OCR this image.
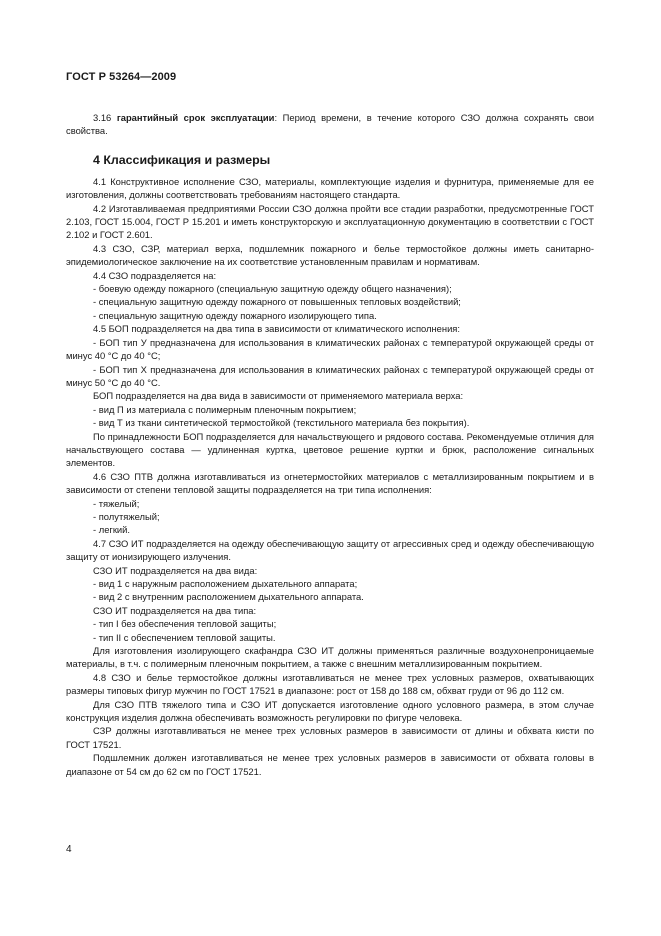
ГОСТ Р 53264—2009

3.16 гарантийный срок эксплуатации: Период времени, в течение которого СЗО должна сохранять свои свойства.

4 Классификация и размеры

4.1 Конструктивное исполнение СЗО, материалы, комплектующие изделия и фурнитура, применяемые для ее изготовления, должны соответствовать требованиям настоящего стандарта.

4.2 Изготавливаемая предприятиями России СЗО должна пройти все стадии разработки, предусмотренные ГОСТ 2.103, ГОСТ 15.004, ГОСТ Р 15.201 и иметь конструкторскую и эксплуатационную документацию в соответствии с ГОСТ 2.102 и ГОСТ 2.601.

4.3 СЗО, СЗР, материал верха, подшлемник пожарного и белье термостойкое должны иметь санитарно-эпидемиологическое заключение на их соответствие установленным правилам и нормативам.

4.4 СЗО подразделяется на:

- боевую одежду пожарного (специальную защитную одежду общего назначения);

- специальную защитную одежду пожарного от повышенных тепловых воздействий;

- специальную защитную одежду пожарного изолирующего типа.

4.5 БОП подразделяется на два типа в зависимости от климатического исполнения:

- БОП тип У предназначена для использования в климатических районах с температурой окружающей среды от минус 40 °С до 40 °С;

- БОП тип X предназначена для использования в климатических районах с температурой окружающей среды от минус 50 °С до 40 °С.

БОП подразделяется на два вида в зависимости от применяемого материала верха:

- вид П из материала с полимерным пленочным покрытием;

- вид Т из ткани синтетической термостойкой (текстильного материала без покрытия).

По принадлежности БОП подразделяется для начальствующего и рядового состава. Рекомендуемые отличия для начальствующего состава — удлиненная куртка, цветовое решение куртки и брюк, расположение сигнальных элементов.

4.6 СЗО ПТВ должна изготавливаться из огнетермостойких материалов с металлизированным покрытием и в зависимости от степени тепловой защиты подразделяется на три типа исполнения:

- тяжелый;

- полутяжелый;

- легкий.

4.7 СЗО ИТ подразделяется на одежду обеспечивающую защиту от агрессивных сред и одежду обеспечивающую защиту от ионизирующего излучения.

СЗО ИТ подразделяется на два вида:

- вид 1 с наружным расположением дыхательного аппарата;

- вид 2 с внутренним расположением дыхательного аппарата.

СЗО ИТ подразделяется на два типа:

- тип I без обеспечения тепловой защиты;

- тип II с обеспечением тепловой защиты.

Для изготовления изолирующего скафандра СЗО ИТ должны применяться различные воздухонепроницаемые материалы, в т.ч. с полимерным пленочным покрытием, а также с внешним металлизированным покрытием.

4.8 СЗО и белье термостойкое должны изготавливаться не менее трех условных размеров, охватывающих размеры типовых фигур мужчин по ГОСТ 17521 в диапазоне: рост от 158 до 188 см, обхват груди от 96 до 112 см.

Для СЗО ПТВ тяжелого типа и СЗО ИТ допускается изготовление одного условного размера, в этом случае конструкция изделия должна обеспечивать возможность регулировки по фигуре человека.

СЗР должны изготавливаться не менее трех условных размеров в зависимости от длины и обхвата кисти по ГОСТ 17521.

Подшлемник должен изготавливаться не менее трех условных размеров в зависимости от обхвата головы в диапазоне от 54 см до 62 см по ГОСТ 17521.

4
